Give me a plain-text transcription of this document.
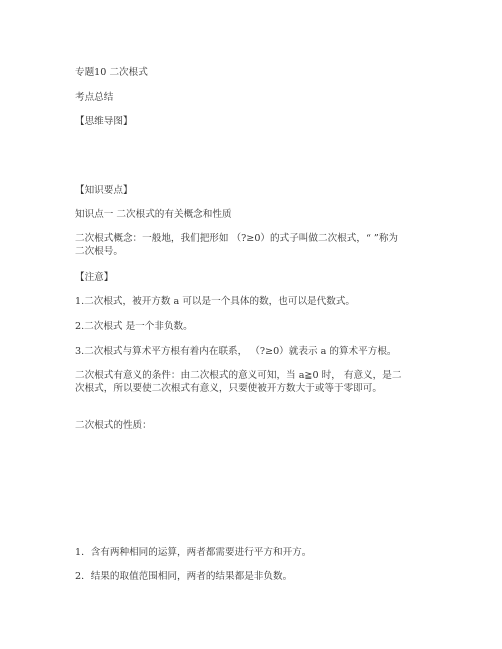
专题10 二次根式
考点总结
【思维导图】
【知识要点】
知识点一 二次根式的有关概念和性质
二次根式概念：一般地，我们把形如 （?≥0）的式子叫做二次根式，“ ”称为二次根号。
【注意】
1.二次根式，被开方数 a 可以是一个具体的数，也可以是代数式。
2.二次根式 是一个非负数。
3.二次根式与算术平方根有着内在联系， （?≥0）就表示 a 的算术平方根。
二次根式有意义的条件：由二次根式的意义可知，当 a≧0 时， 有意义，是二次根式，所以要使二次根式有意义，只要使被开方数大于或等于零即可。
二次根式的性质：
1．含有两种相同的运算，两者都需要进行平方和开方。
2．结果的取值范围相同，两者的结果都是非负数。
